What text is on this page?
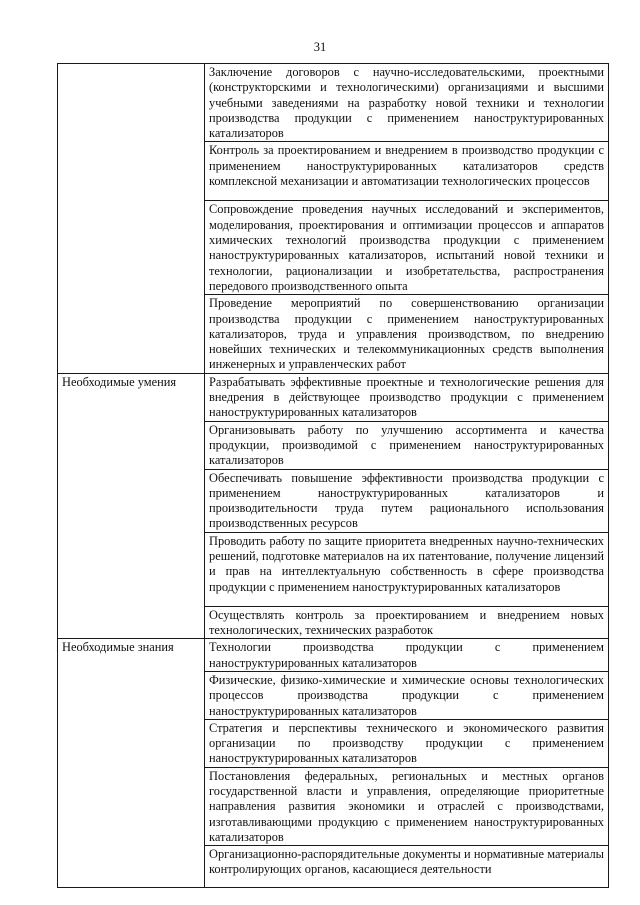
31
	Заключение договоров с научно-исследовательскими, проектными (конструкторскими и технологическими) организациями и высшими учебными заведениями на разработку новой техники и технологии производства продукции с применением наноструктурированных катализаторов
	Контроль за проектированием и внедрением в производство продукции с применением наноструктурированных катализаторов средств комплексной механизации и автоматизации технологических процессов
	Сопровождение проведения научных исследований и экспериментов, моделирования, проектирования и оптимизации процессов и аппаратов химических технологий производства продукции с применением наноструктурированных катализаторов, испытаний новой техники и технологии, рационализации и изобретательства, распространения передового производственного опыта
	Проведение мероприятий по совершенствованию организации производства продукции с применением наноструктурированных катализаторов, труда и управления производством, по внедрению новейших технических и телекоммуникационных средств выполнения инженерных и управленческих работ
Необходимые умения	Разрабатывать эффективные проектные и технологические решения для внедрения в действующее производство продукции с применением наноструктурированных катализаторов
	Организовывать работу по улучшению ассортимента и качества продукции, производимой с применением наноструктурированных катализаторов
	Обеспечивать повышение эффективности производства продукции с применением наноструктурированных катализаторов и производительности труда путем рационального использования производственных ресурсов
	Проводить работу по защите приоритета внедренных научно-технических решений, подготовке материалов на их патентование, получение лицензий и прав на интеллектуальную собственность в сфере производства продукции с применением наноструктурированных катализаторов
	Осуществлять контроль за проектированием и внедрением новых технологических, технических разработок
Необходимые знания	Технологии производства продукции с применением наноструктурированных катализаторов
	Физические, физико-химические и химические основы технологических процессов производства продукции с применением наноструктурированных катализаторов
	Стратегия и перспективы технического и экономического развития организации по производству продукции с применением наноструктурированных катализаторов
	Постановления федеральных, региональных и местных органов государственной власти и управления, определяющие приоритетные направления развития экономики и отраслей с производствами, изготавливающими продукцию с применением наноструктурированных катализаторов
	Организационно-распорядительные документы и нормативные материалы контролирующих органов, касающиеся деятельности
